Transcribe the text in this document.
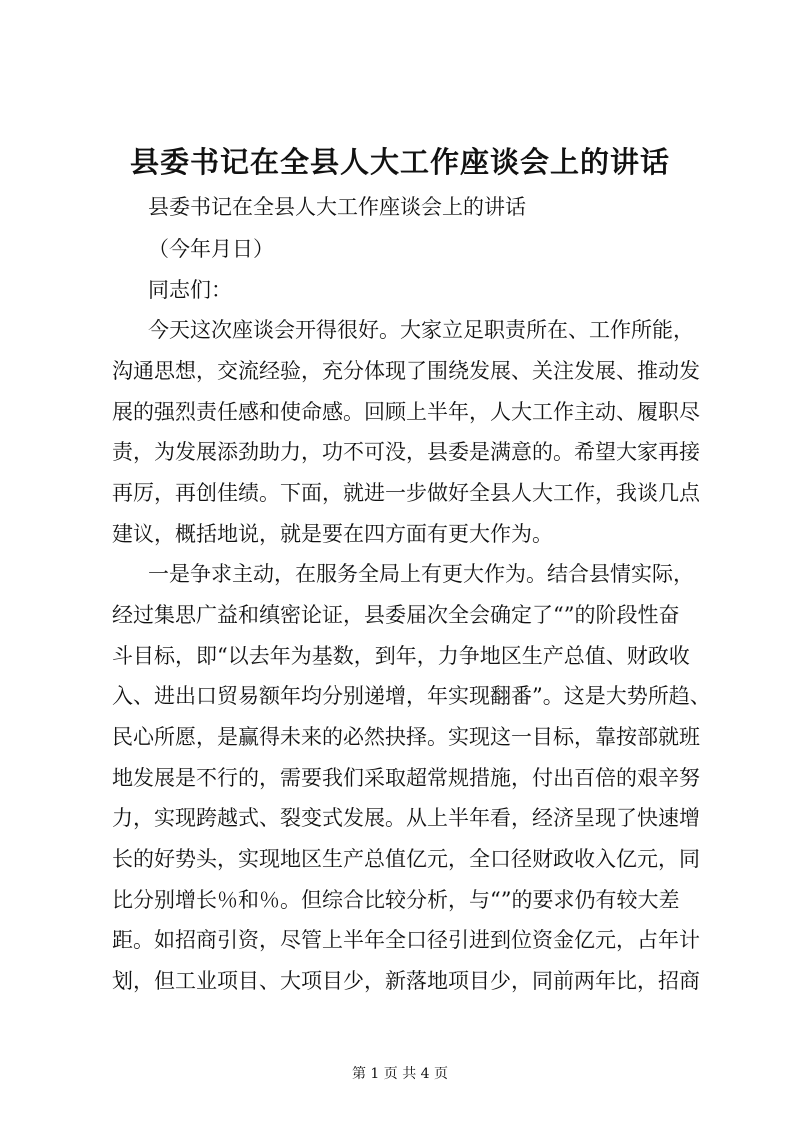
县委书记在全县人大工作座谈会上的讲话
县委书记在全县人大工作座谈会上的讲话
（今年月日）
同志们：
今天这次座谈会开得很好。大家立足职责所在、工作所能，
沟通思想，交流经验，充分体现了围绕发展、关注发展、推动发
展的强烈责任感和使命感。回顾上半年，人大工作主动、履职尽
责，为发展添劲助力，功不可没，县委是满意的。希望大家再接
再厉，再创佳绩。下面，就进一步做好全县人大工作，我谈几点
建议，概括地说，就是要在四方面有更大作为。
一是争求主动，在服务全局上有更大作为。结合县情实际，
经过集思广益和缜密论证，县委届次全会确定了“”的阶段性奋
斗目标，即“以去年为基数，到年，力争地区生产总值、财政收
入、进出口贸易额年均分别递增，年实现翻番”。这是大势所趋、
民心所愿，是赢得未来的必然抉择。实现这一目标，靠按部就班
地发展是不行的，需要我们采取超常规措施，付出百倍的艰辛努
力，实现跨越式、裂变式发展。从上半年看，经济呈现了快速增
长的好势头，实现地区生产总值亿元，全口径财政收入亿元，同
比分别增长％和％。但综合比较分析，与“”的要求仍有较大差
距。如招商引资，尽管上半年全口径引进到位资金亿元，占年计
划，但工业项目、大项目少，新落地项目少，同前两年比，招商
第 1 页 共 4 页
